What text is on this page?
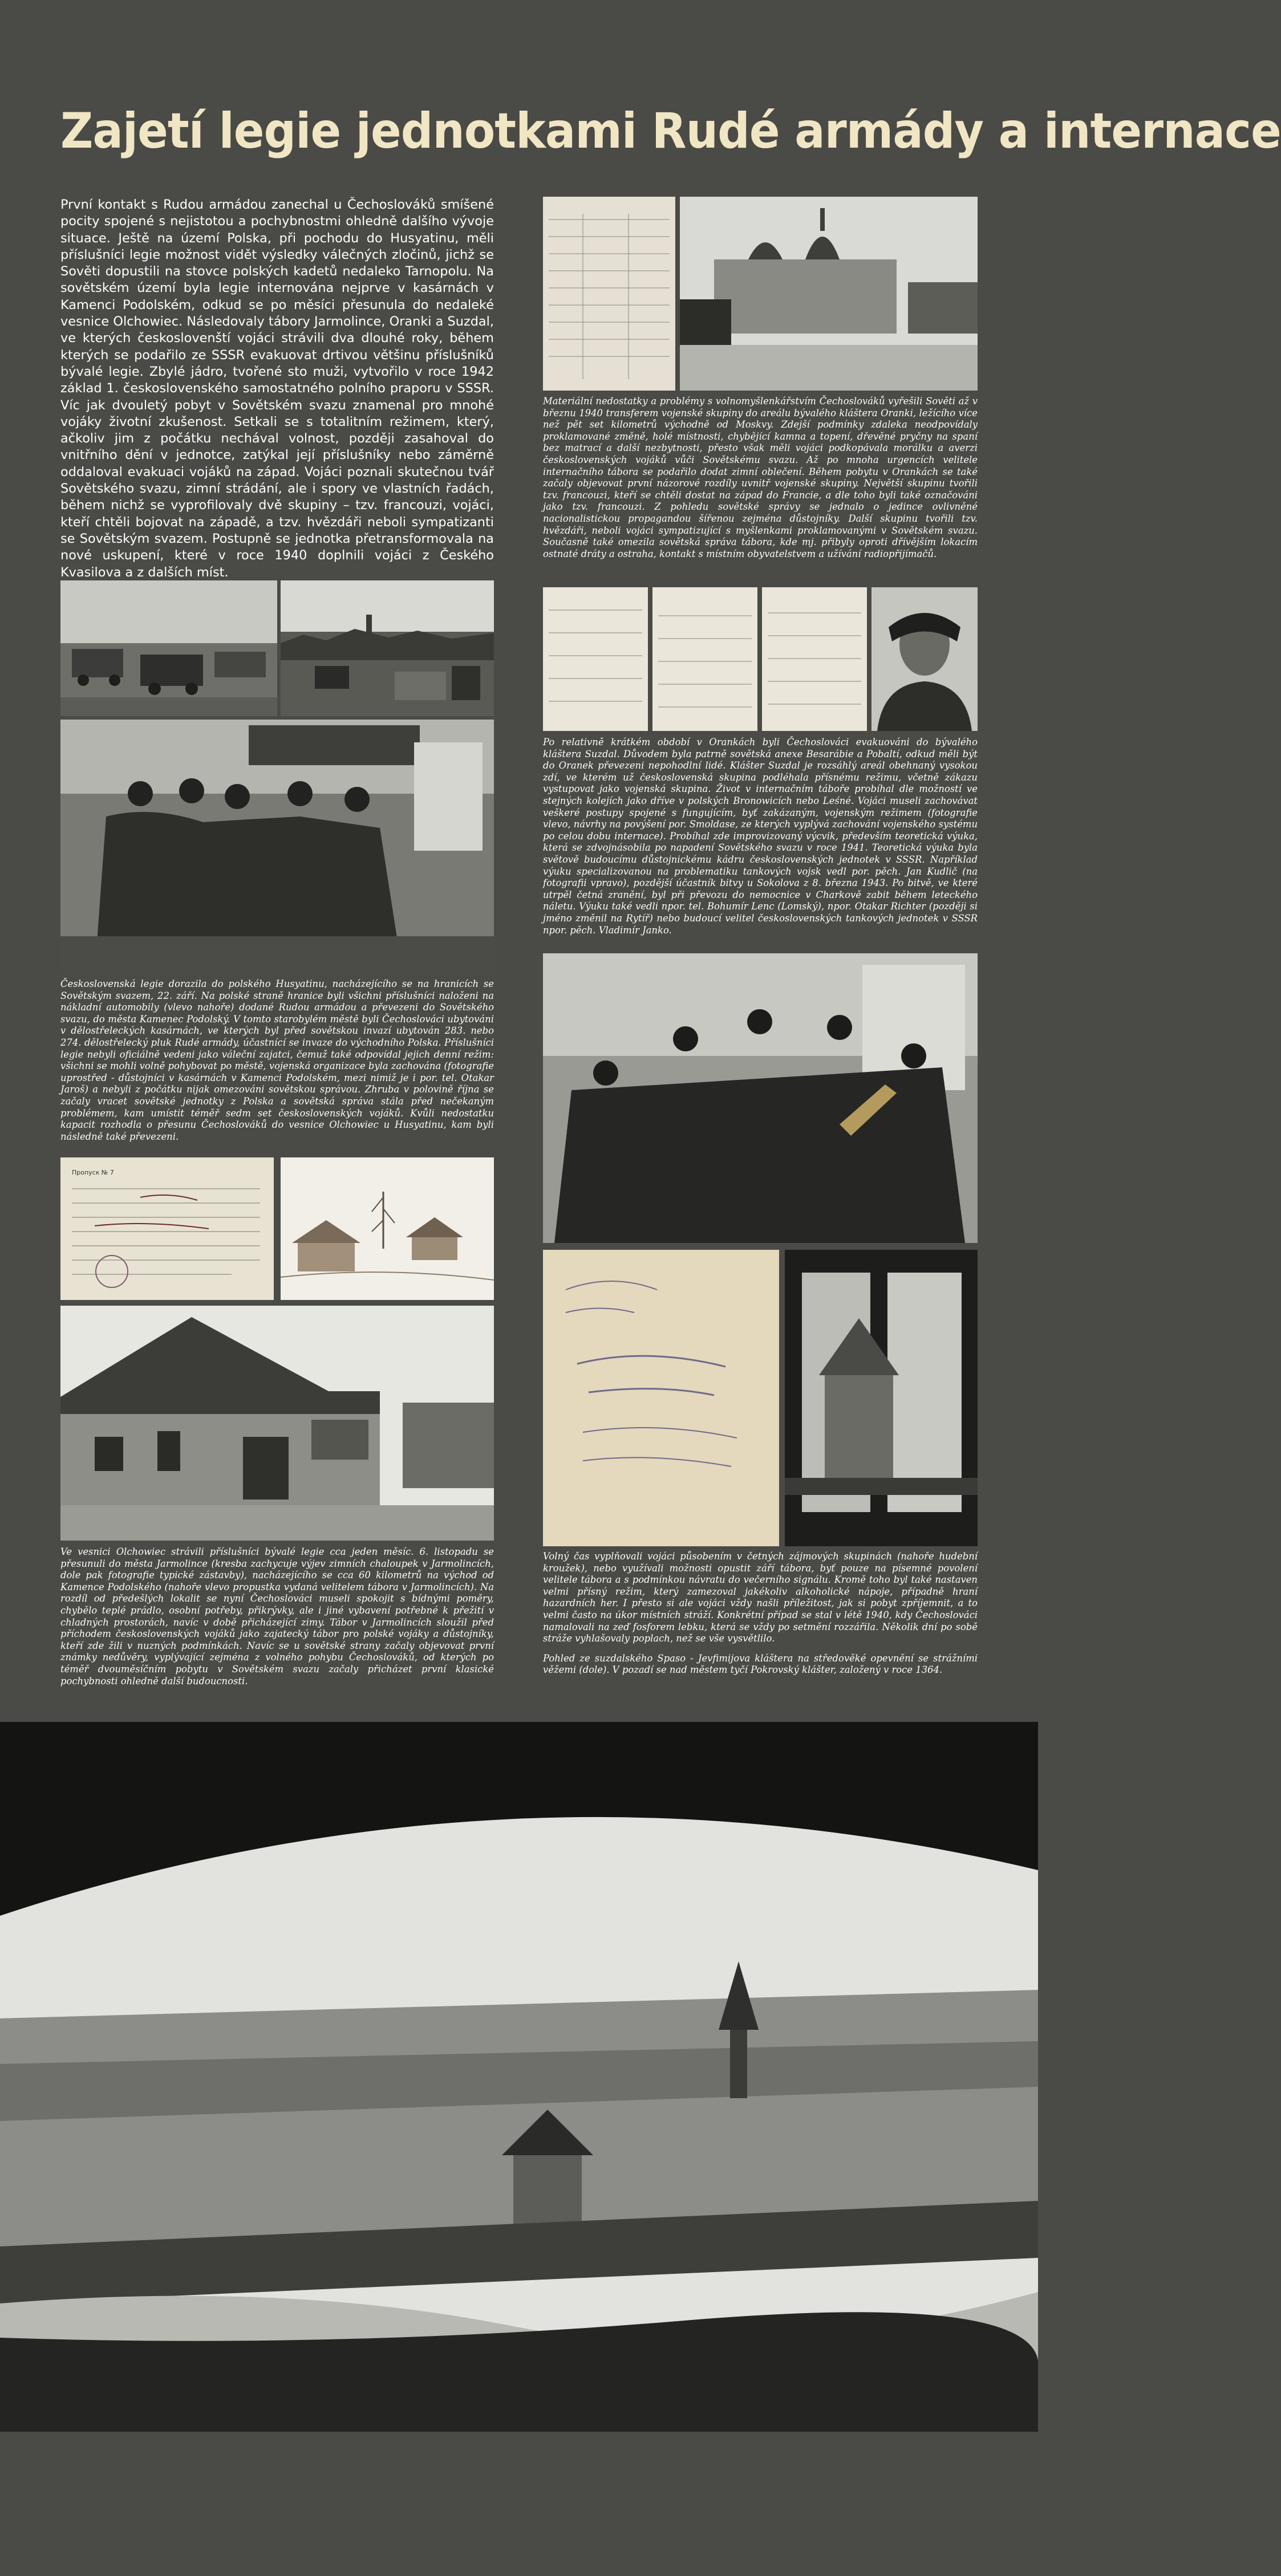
Zajetí legie jednotkami Rudé armády a internace

První kontakt s Rudou armádou zanechal u Čechoslováků smíšené pocity spojené s nejistotou a pochybnostmi ohledně dalšího vývoje situace. Ještě na území Polska, při pochodu do Husyatinu, měli příslušníci legie možnost vidět výsledky válečných zločinů, jichž se Sověti dopustili na stovce polských kadetů nedaleko Tarnopolu. Na sovětském území byla legie internována nejprve v kasárnách v Kamenci Podolském, odkud se po měsíci přesunula do nedaleké vesnice Olchowiec. Následovaly tábory Jarmolince, Oranki a Suzdal, ve kterých českoslovenští vojáci strávili dva dlouhé roky, během kterých se podařilo ze SSSR evakuovat drtivou většinu příslušníků bývalé legie. Zbylé jádro, tvořené sto muži, vytvořilo v roce 1942 základ 1. československého samostatného polního praporu v SSSR. Víc jak dvouletý pobyt v Sovětském svazu znamenal pro mnohé vojáky životní zkušenost. Setkali se s totalitním režimem, který, ačkoliv jim z počátku nechával volnost, později zasahoval do vnitřního dění v jednotce, zatýkal její příslušníky nebo záměrně oddaloval evakuaci vojáků na západ. Vojáci poznali skutečnou tvář Sovětského svazu, zimní strádání, ale i spory ve vlastních řadách, během nichž se vyprofilovaly dvě skupiny – tzv. francouzi, vojáci, kteří chtěli bojovat na západě, a tzv. hvězdáři neboli sympatizanti se Sovětským svazem. Postupně se jednotka přetransformovala na nové uskupení, které v roce 1940 doplnili vojáci z Českého Kvasilova a z dalších míst.

Československá legie dorazila do polského Husyatinu, nacházejícího se na hranicích se Sovětským svazem, 22. září. Na polské straně hranice byli všichni příslušníci naloženi na nákladní automobily (vlevo nahoře) dodané Rudou armádou a převezeni do Sovětského svazu, do města Kamenec Podolský. V tomto starobylém městě byli Čechoslováci ubytováni v dělostřeleckých kasárnách, ve kterých byl před sovětskou invazí ubytován 283. nebo 274. dělostřelecký pluk Rudé armády, účastnící se invaze do východního Polska. Příslušníci legie nebyli oficiálně vedeni jako váleční zajatci, čemuž také odpovídal jejich denní režim: všichni se mohli volně pohybovat po městě, vojenská organizace byla zachována (fotografie uprostřed - důstojníci v kasárnách v Kamenci Podolském, mezi nimiž je i por. tel. Otakar Jaroš) a nebyli z počátku nijak omezováni sovětskou správou. Zhruba v polovině října se začaly vracet sovětské jednotky z Polska a sovětská správa stála před nečekaným problémem, kam umístit téměř sedm set československých vojáků. Kvůli nedostatku kapacit rozhodla o přesunu Čechoslováků do vesnice Olchowiec u Husyatinu, kam byli následně také převezeni.

Пропуск № 7

Ve vesnici Olchowiec strávili příslušníci bývalé legie cca jeden měsíc. 6. listopadu se přesunuli do města Jarmolince (kresba zachycuje výjev zimních chaloupek v Jarmolincích, dole pak fotografie typické zástavby), nacházejícího se cca 60 kilometrů na východ od Kamence Podolského (nahoře vlevo propustka vydaná velitelem tábora v Jarmolincích). Na rozdíl od předešlých lokalit se nyní Čechoslováci museli spokojit s bídnými poměry, chybělo teplé prádlo, osobní potřeby, přikrývky, ale i jiné vybavení potřebné k přežití v chladných prostorách, navíc v době přicházející zimy. Tábor v Jarmolincích sloužil před příchodem československých vojáků jako zajatecký tábor pro polské vojáky a důstojníky, kteří zde žili v nuzných podmínkách. Navíc se u sovětské strany začaly objevovat první známky nedůvěry, vyplývající zejména z volného pohybu Čechoslováků, od kterých po téměř dvouměsíčním pobytu v Sovětském svazu začaly přicházet první klasické pochybnosti ohledně další budoucnosti.

Materiální nedostatky a problémy s volnomyšlenkářstvím Čechoslováků vyřešili Sověti až v březnu 1940 transferem vojenské skupiny do areálu bývalého kláštera Oranki, ležícího více než pět set kilometrů východně od Moskvy. Zdejší podmínky zdaleka neodpovídaly proklamované změně, holé místnosti, chybějící kamna a topení, dřevěné pryčny na spaní bez matrací a další nezbytnosti, přesto však měli vojáci podkopávala morálku a averzi československých vojáků vůči Sovětskému svazu. Až po mnoha urgencích velitele internačního tábora se podařilo dodat zimní oblečení. Během pobytu v Orankách se také začaly objevovat první názorové rozdíly uvnitř vojenské skupiny. Největší skupinu tvořili tzv. francouzi, kteří se chtěli dostat na západ do Francie, a dle toho byli také označováni jako tzv. francouzi. Z pohledu sovětské správy se jednalo o jedince ovlivněné nacionalistickou propagandou šířenou zejména důstojníky. Další skupinu tvořili tzv. hvězdáři, neboli vojáci sympatizující s myšlenkami proklamovanými v Sovětském svazu. Současně také omezila sovětská správa tábora, kde mj. přibyly oproti dřívějším lokacím ostnaté dráty a ostraha, kontakt s místním obyvatelstvem a užívání radiopřijímačů.

Po relativně krátkém období v Orankách byli Čechoslováci evakuováni do bývalého kláštera Suzdal. Důvodem byla patrně sovětská anexe Besarábie a Pobaltí, odkud měli být do Oranek převezeni nepohodlní lidé. Klášter Suzdal je rozsáhlý areál obehnaný vysokou zdí, ve kterém už československá skupina podléhala přísnému režimu, včetně zákazu vystupovat jako vojenská skupina. Život v internačním táboře probíhal dle možností ve stejných kolejích jako dříve v polských Bronowicích nebo Leśné. Vojáci museli zachovávat veškeré postupy spojené s fungujícím, byť zakázaným, vojenským režimem (fotografie vlevo, návrhy na povýšení por. Smoldase, ze kterých vyplývá zachování vojenského systému po celou dobu internace). Probíhal zde improvizovaný výcvik, především teoretická výuka, která se zdvojnásobila po napadení Sovětského svazu v roce 1941. Teoretická výuka byla světově budoucímu důstojnickému kádru československých jednotek v SSSR. Například výuku specializovanou na problematiku tankových vojsk vedl por. pěch. Jan Kudlič (na fotografii vpravo), pozdější účastník bitvy u Sokolova z 8. března 1943. Po bitvě, ve které utrpěl četná zranění, byl při převozu do nemocnice v Charkově zabit během leteckého náletu. Výuku také vedli npor. tel. Bohumír Lenc (Lomský), npor. Otakar Richter (později si jméno změnil na Rytíř) nebo budoucí velitel československých tankových jednotek v SSSR npor. pěch. Vladimír Janko.

Volný čas vyplňovali vojáci působením v četných zájmových skupinách (nahoře hudební kroužek), nebo využívali možnosti opustit září tábora, byť pouze na písemné povolení velitele tábora a s podmínkou návratu do večerního signálu. Kromě toho byl také nastaven velmi přísný režim, který zamezoval jakékoliv alkoholické nápoje, případně hraní hazardních her. I přesto si ale vojáci vždy našli příležitost, jak si pobyt zpříjemnit, a to velmi často na úkor místních stráží. Konkrétní případ se stal v létě 1940, kdy Čechoslováci namalovali na zeď fosforem lebku, která se vždy po setmění rozzářila. Několik dní po sobě stráže vyhlašovaly poplach, než se vše vysvětlilo.

Pohled ze suzdalského Spaso - Jevfimijova kláštera na středověké opevnění se strážními věžemi (dole). V pozadí se nad městem tyčí Pokrovský klášter, založený v roce 1364.
